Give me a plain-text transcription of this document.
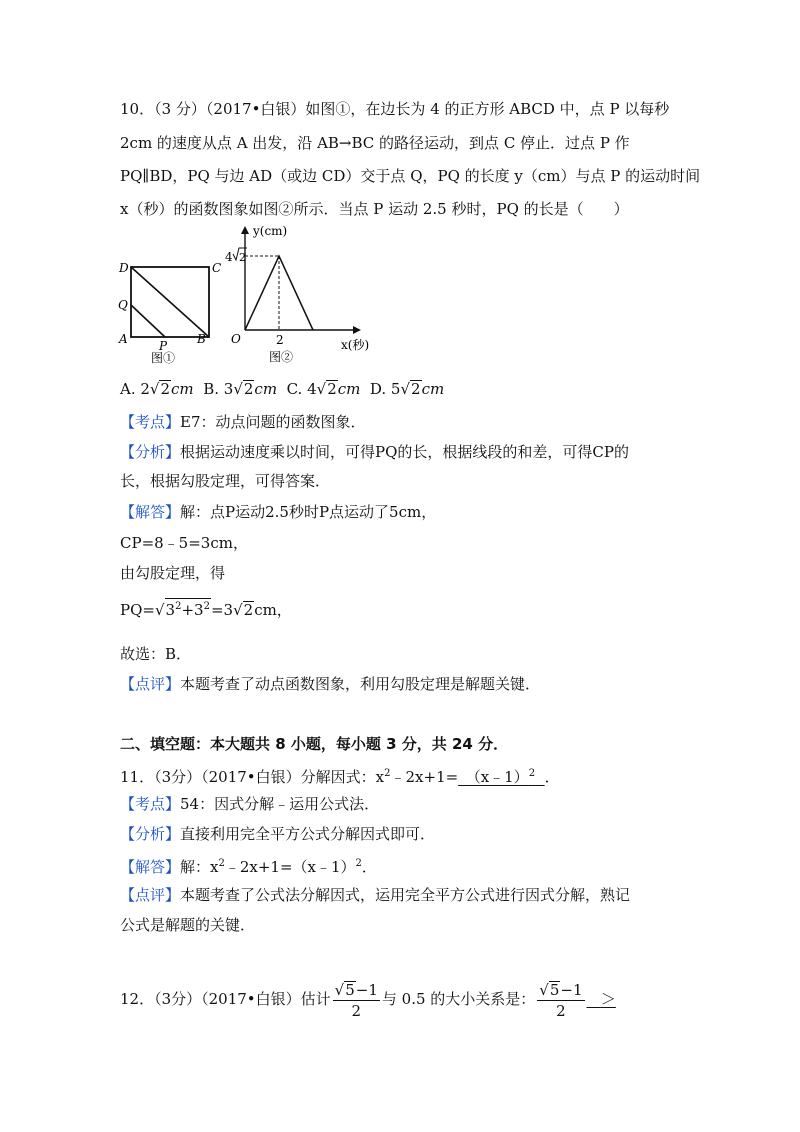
10．（3 分）（2017•白银）如图①，在边长为 4 的正方形 ABCD 中，点 P 以每秒
2cm 的速度从点 A 出发，沿 AB→BC 的路径运动，到点 C 停止．过点 P 作
PQ∥BD，PQ 与边 AD（或边 CD）交于点 Q，PQ 的长度 y（cm）与点 P 的运动时间
x（秒）的函数图象如图②所示．当点 P 运动 2.5 秒时，PQ 的长是（　　）
D	C
Q
A	P B
图①
y(cm)
4 2
O	2	x(秒)
图②
A. 2√2cm B. 3√2cm C. 4√2cm D. 5√2cm
【考点】E7：动点问题的函数图象．
【分析】根据运动速度乘以时间，可得PQ的长，根据线段的和差，可得CP的
长，根据勾股定理，可得答案．
【解答】解：点P运动2.5秒时P点运动了5cm，
CP=8﹣5=3cm，
由勾股定理，得
$PQ=√3^2+3^2=3√2cm$，
故选：B．
【点评】本题考查了动点函数图象，利用勾股定理是解题关键．
二、填空题：本大题共 8 小题，每小题 3 分，共 24 分．
11．（3分）（2017•白银）分解因式：$x^2﹣2x+1=$　（x﹣1）$^2$ ．
【考点】54：因式分解﹣运用公式法．
【分析】直接利用完全平方公式分解因式即可．
【解答】解：$x^2﹣2x+1=(x﹣1)^2$．
【点评】本题考查了公式法分解因式，运用完全平方公式进行因式分解，熟记
公式是解题的关键．
12．（3分）（2017•白银）估计 $\frac{√5-1}{2}$ 与 0.5 的大小关系是： $\frac{√5-1}{2}$ ＞
